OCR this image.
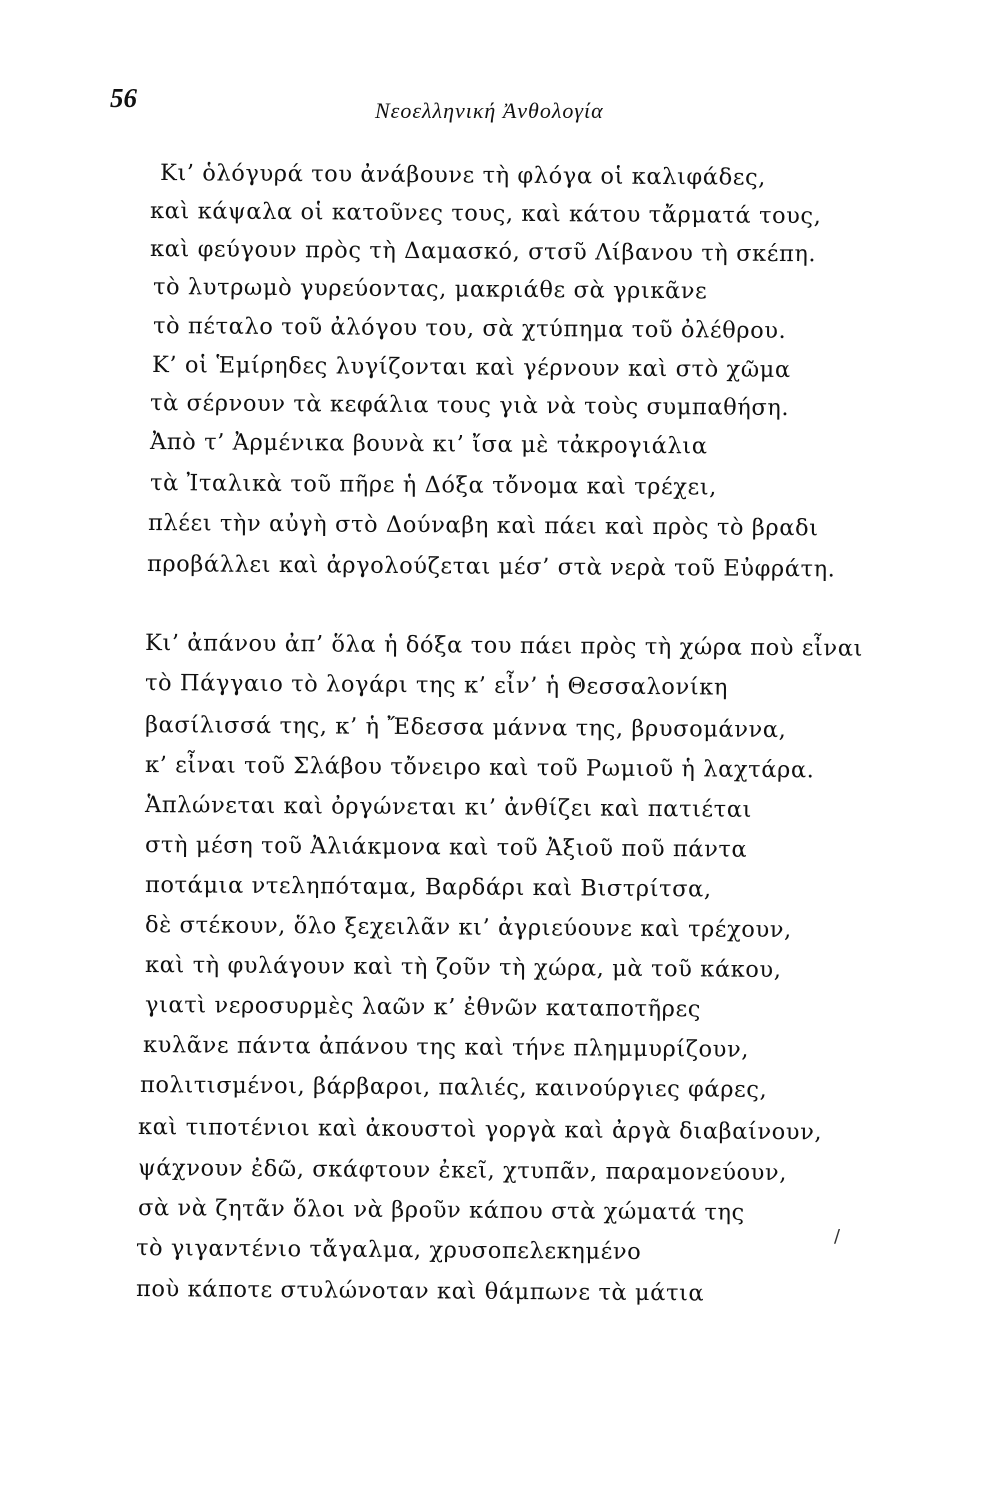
56	Νεοελληνική Ἀνθολογία
Κι’ ὁλόγυρά του ἀνάβουνε τὴ φλόγα οἱ καλιφάδες,
καὶ κάψαλα οἱ κατοῦνες τους, καὶ κάτου τἄρματά τους,
καὶ φεύγουν πρὸς τὴ Δαμασκό, στσῦ Λίβανου τὴ σκέπη.
τὸ λυτρωμὸ γυρεύοντας, μακριάθε σὰ γρικᾶνε
τὸ πέταλο τοῦ ἀλόγου του, σὰ χτύπημα τοῦ ὀλέθρου.
Κ’ οἱ Ἑμίρηδες λυγίζονται καὶ γέρνουν καὶ στὸ χῶμα
τὰ σέρνουν τὰ κεφάλια τους γιὰ νὰ τοὺς συμπαθήση.
Ἀπὸ τ’ Ἀρμένικα βουνὰ κι’ ἴσα μὲ τἀκρογιάλια
τὰ Ἰταλικὰ τοῦ πῆρε ἡ Δόξα τὄνομα καὶ τρέχει,
πλέει τὴν αὐγὴ στὸ Δούναβη καὶ πάει καὶ πρὸς τὸ βραδι
προβάλλει καὶ ἀργολούζεται μέσ’ στὰ νερὰ τοῦ Εὐφράτη.
Κι’ ἀπάνου ἀπ’ ὅλα ἡ δόξα του πάει πρὸς τὴ χώρα ποὺ εἶναι
τὸ Πάγγαιο τὸ λογάρι της κ’ εἶν’ ἡ Θεσσαλονίκη
βασίλισσά της, κ’ ἡ Ἔδεσσα μάννα της, βρυσομάννα,
κ’ εἶναι τοῦ Σλάβου τὄνειρο καὶ τοῦ Ρωμιοῦ ἡ λαχτάρα.
Ἁπλώνεται καὶ ὀργώνεται κι’ ἀνθίζει καὶ πατιέται
στὴ μέση τοῦ Ἀλιάκμονα καὶ τοῦ Ἀξιοῦ ποῦ πάντα
ποτάμια ντεληπόταμα, Βαρδάρι καὶ Βιστρίτσα,
δὲ στέκουν, ὅλο ξεχειλᾶν κι’ ἀγριεύουνε καὶ τρέχουν,
καὶ τὴ φυλάγουν καὶ τὴ ζοῦν τὴ χώρα, μὰ τοῦ κάκου,
γιατὶ νεροσυρμὲς λαῶν κ’ ἐθνῶν καταποτῆρες
κυλᾶνε πάντα ἀπάνου της καὶ τήνε πλημμυρίζουν,
πολιτισμένοι, βάρβαροι, παλιές, καινούργιες φάρες,
καὶ τιποτένιοι καὶ ἀκουστοὶ γοργὰ καὶ ἀργὰ διαβαίνουν,
ψάχνουν ἐδῶ, σκάφτουν ἐκεῖ, χτυπᾶν, παραμονεύουν,
σὰ νὰ ζητᾶν ὅλοι νὰ βροῦν κάπου στὰ χώματά της
τὸ γιγαντένιο τἄγαλμα, χρυσοπελεκημένο
ποὺ κάποτε στυλώνοταν καὶ θάμπωνε τὰ μάτια
/
